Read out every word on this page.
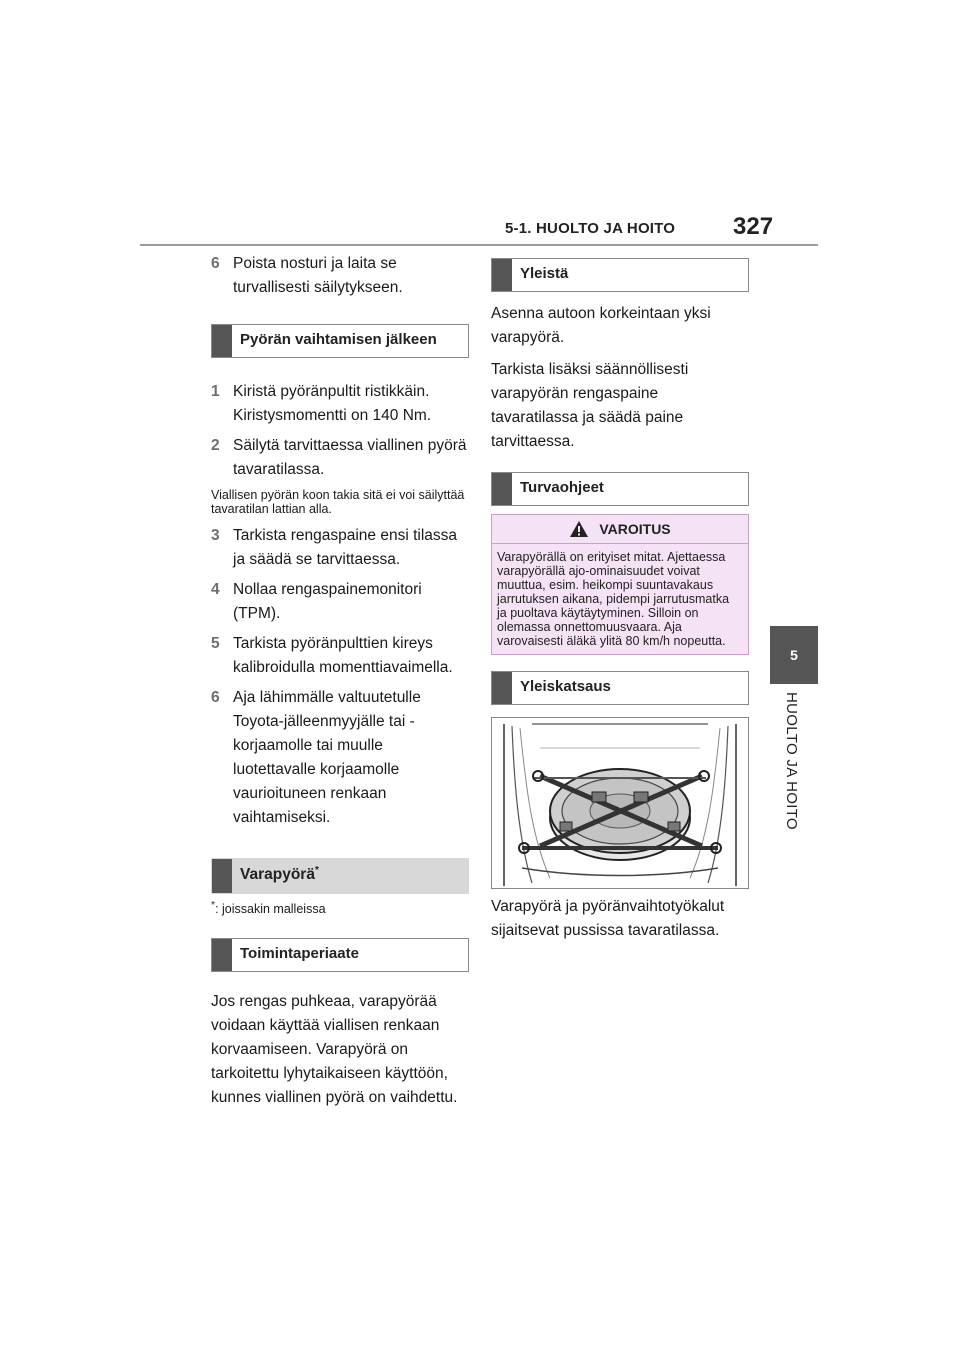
5-1. HUOLTO JA HOITO 327
5
HUOLTO JA HOITO
6 Poista nosturi ja laita se turvallisesti säilytykseen.
Pyörän vaihtamisen jälkeen
1 Kiristä pyöränpultit ristikkäin. Kiristysmomentti on 140 Nm.
2 Säilytä tarvittaessa viallinen pyörä tavaratilassa.
Viallisen pyörän koon takia sitä ei voi säilyttää tavaratilan lattian alla.
3 Tarkista rengaspaine ensi tilassa ja säädä se tarvittaessa.
4 Nollaa rengaspainemonitori (TPM).
5 Tarkista pyöränpulttien kireys kalibroidulla momenttiavaimella.
6 Aja lähimmälle valtuutetulle Toyota-jälleenmyyjälle tai -korjaamolle tai muulle luotettavalle korjaamolle vaurioituneen renkaan vaihtamiseksi.
Varapyörä*
*: joissakin malleissa
Toimintaperiaate
Jos rengas puhkeaa, varapyörää voidaan käyttää viallisen renkaan korvaamiseen. Varapyörä on tarkoitettu lyhytaikaiseen käyttöön, kunnes viallinen pyörä on vaihdettu.
Yleistä
Asenna autoon korkeintaan yksi varapyörä.
Tarkista lisäksi säännöllisesti varapyörän rengaspaine tavaratilassa ja säädä paine tarvittaessa.
Turvaohjeet
VAROITUS
Varapyörällä on erityiset mitat. Ajettaessa varapyörällä ajo-ominaisuudet voivat muuttua, esim. heikompi suuntavakaus jarrutuksen aikana, pidempi jarrutusmatka ja puoltava käytäytyminen. Silloin on olemassa onnettomuusvaara. Aja varovaisesti äläkä ylitä 80 km/h nopeutta.
Yleiskatsaus
Varapyörä ja pyöränvaihtotyökalut sijaitsevat pussissa tavaratilassa.
